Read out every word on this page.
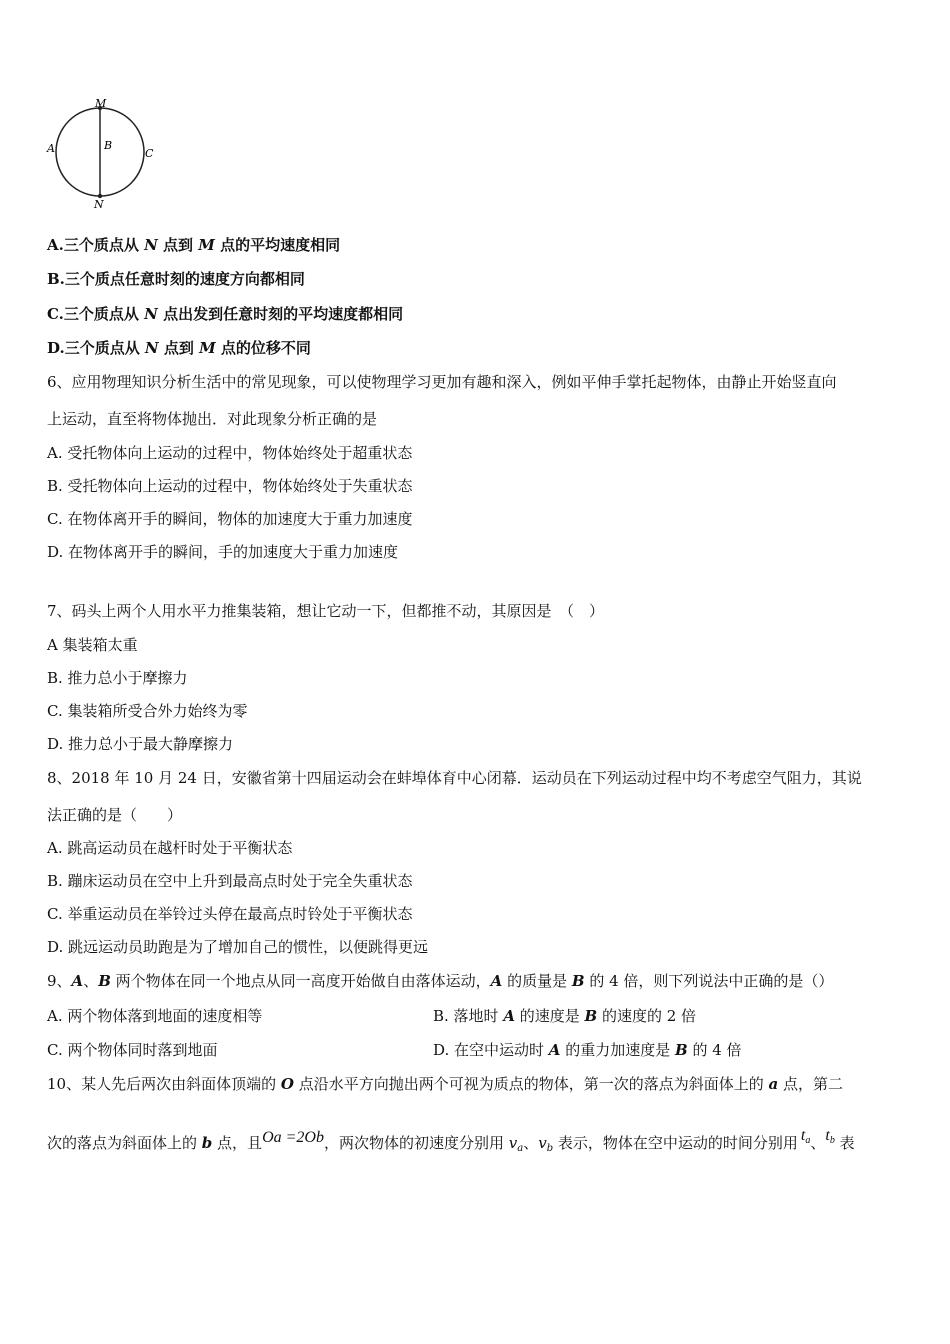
M
N
A	B
C
A.三个质点从 N 点到 M 点的平均速度相同
B.三个质点任意时刻的速度方向都相同
C.三个质点从 N 点出发到任意时刻的平均速度都相同
D.三个质点从 N 点到 M 点的位移不同
6、应用物理知识分析生活中的常见现象，可以使物理学习更加有趣和深入，例如平伸手掌托起物体，由静止开始竖直向
上运动，直至将物体抛出．对此现象分析正确的是
A. 受托物体向上运动的过程中，物体始终处于超重状态
B. 受托物体向上运动的过程中，物体始终处于失重状态
C. 在物体离开手的瞬间，物体的加速度大于重力加速度
D. 在物体离开手的瞬间，手的加速度大于重力加速度
7、码头上两个人用水平力推集装箱，想让它动一下，但都推不动，其原因是　（　）
A 集装箱太重
B. 推力总小于摩擦力
C. 集装箱所受合外力始终为零
D. 推力总小于最大静摩擦力
8、2018 年 10 月 24 日，安徽省第十四届运动会在蚌埠体育中心闭幕．运动员在下列运动过程中均不考虑空气阻力，其说
法正确的是（　　）
A. 跳高运动员在越杆时处于平衡状态
B. 蹦床运动员在空中上升到最高点时处于完全失重状态
C. 举重运动员在举铃过头停在最高点时铃处于平衡状态
D. 跳远运动员助跑是为了增加自己的惯性，以便跳得更远
9、A、B 两个物体在同一个地点从同一高度开始做自由落体运动，A 的质量是 B 的 4 倍，则下列说法中正确的是（）
A. 两个物体落到地面的速度相等	B. 落地时 A 的速度是 B 的速度的 2 倍
C. 两个物体同时落到地面	D. 在空中运动时 A 的重力加速度是 B 的 4 倍
10、某人先后两次由斜面体顶端的 O 点沿水平方向抛出两个可视为质点的物体，第一次的落点为斜面体上的 a 点，第二
次的落点为斜面体上的 b 点，且Oa =2Ob，两次物体的初速度分别用 $v_a$、$v_b$ 表示，物体在空中运动的时间分别用 $t_a$、$t_b$ 表
